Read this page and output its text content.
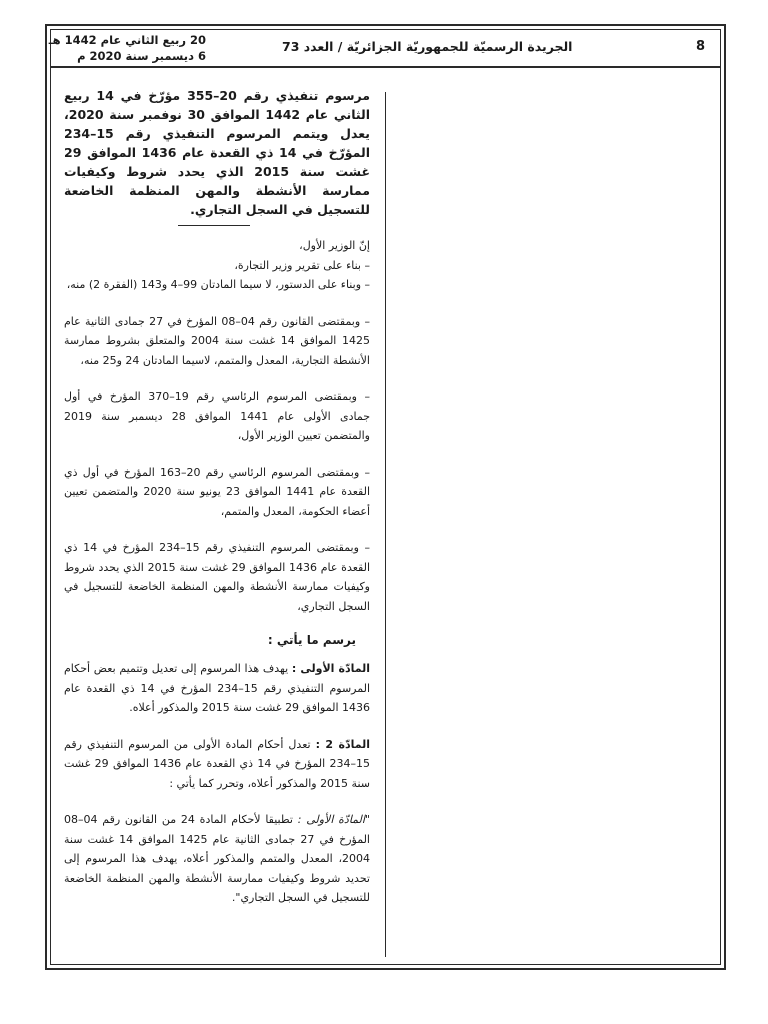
8
الجريدة الرسميّة للجمهوريّة الجزائريّة / العدد 73
20 ربيع الثاني عام 1442 هـ
6 ديسمبر سنة 2020 م

مرسوم تنفيذي رقم 20–355 مؤرّخ في 14 ربيع الثاني عام 1442 الموافق 30 نوفمبر سنة 2020، يعدل ويتمم المرسوم التنفيذي رقم 15–234 المؤرّخ في 14 ذي القعدة عام 1436 الموافق 29 غشت سنة 2015 الذي يحدد شروط وكيفيات ممارسة الأنشطة والمهن المنظمة الخاضعة للتسجيل في السجل التجاري.

إنّ الوزير الأول،

– بناء على تقرير وزير التجارة،

– وبناء على الدستور، لا سيما المادتان 99–4 و143 (الفقرة 2) منه،

– وبمقتضى القانون رقم 04–08 المؤرخ في 27 جمادى الثانية عام 1425 الموافق 14 غشت سنة 2004 والمتعلق بشروط ممارسة الأنشطة التجارية، المعدل والمتمم، لاسيما المادتان 24 و25 منه،

– وبمقتضى المرسوم الرئاسي رقم 19–370 المؤرخ في أول جمادى الأولى عام 1441 الموافق 28 ديسمبر سنة 2019 والمتضمن تعيين الوزير الأول،

– وبمقتضى المرسوم الرئاسي رقم 20–163 المؤرخ في أول ذي القعدة عام 1441 الموافق 23 يونيو سنة 2020 والمتضمن تعيين أعضاء الحكومة، المعدل والمتمم،

– وبمقتضى المرسوم التنفيذي رقم 15–234 المؤرخ في 14 ذي القعدة عام 1436 الموافق 29 غشت سنة 2015 الذي يحدد شروط وكيفيات ممارسة الأنشطة والمهن المنظمة الخاضعة للتسجيل في السجل التجاري،

يرسم ما يأتي :

المادّة الأولى : يهدف هذا المرسوم إلى تعديل وتتميم بعض أحكام المرسوم التنفيذي رقم 15–234 المؤرخ في 14 ذي القعدة عام 1436 الموافق 29 غشت سنة 2015 والمذكور أعلاه.

المادّة 2 : تعدل أحكام المادة الأولى من المرسوم التنفيذي رقم 15–234 المؤرخ في 14 ذي القعدة عام 1436 الموافق 29 غشت سنة 2015 والمذكور أعلاه، وتحرر كما يأتي :

"المادّة الأولى : تطبيقا لأحكام المادة 24 من القانون رقم 04–08 المؤرخ في 27 جمادى الثانية عام 1425 الموافق 14 غشت سنة 2004، المعدل والمتمم والمذكور أعلاه، يهدف هذا المرسوم إلى تحديد شروط وكيفيات ممارسة الأنشطة والمهن المنظمة الخاضعة للتسجيل في السجل التجاري".
